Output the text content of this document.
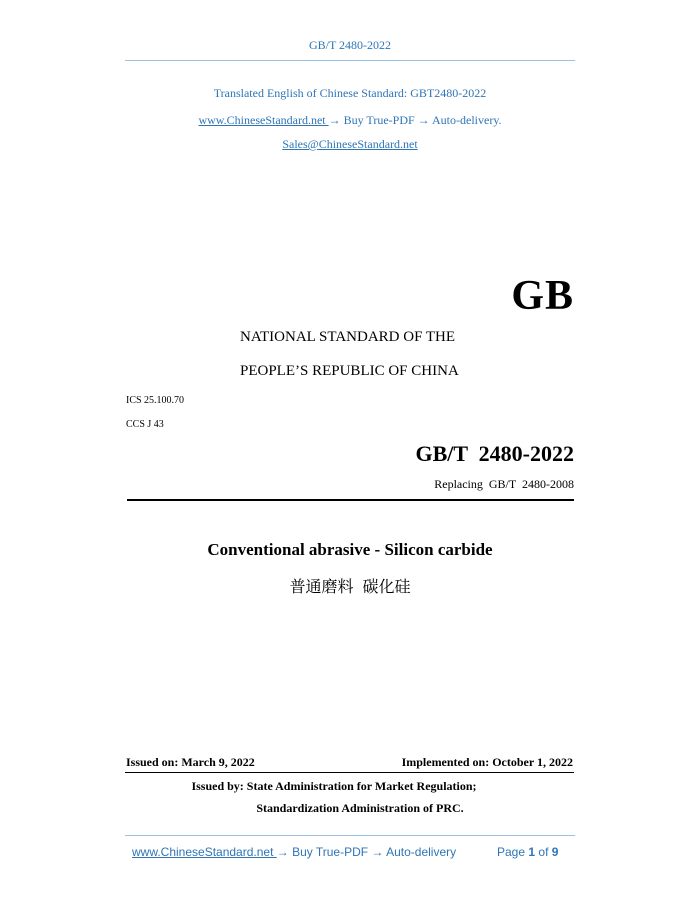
GB/T 2480-2022
Translated English of Chinese Standard: GBT2480-2022
www.ChineseStandard.net → Buy True-PDF → Auto-delivery.
Sales@ChineseStandard.net
GB
NATIONAL STANDARD OF THE
PEOPLE’S REPUBLIC OF CHINA
ICS 25.100.70
CCS J 43
GB/T  2480-2022
Replacing  GB/T  2480-2008
Conventional abrasive - Silicon carbide
普通磨料  碳化硅
Issued on: March 9, 2022	Implemented on: October 1, 2022
Issued by: State Administration for Market Regulation;
Standardization Administration of PRC.
www.ChineseStandard.net → Buy True-PDF → Auto-delivery	Page 1 of 9
